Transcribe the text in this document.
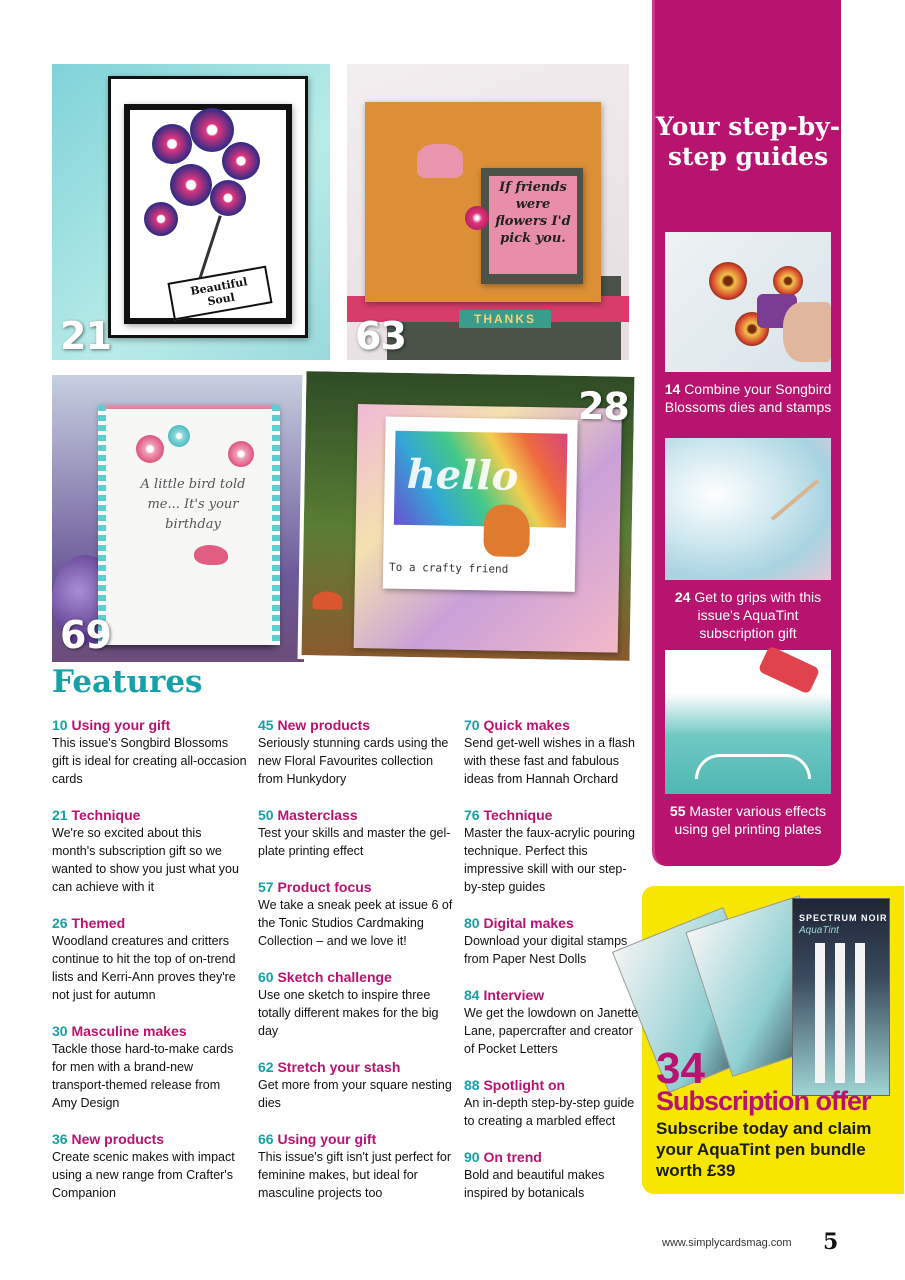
Beautiful Soul
21
If friends were flowers I'd pick you.
THANKS
63
A little bird told me... It's your birthday
69
hello
To a crafty friend
28
Your step-by-step guides
14 Combine your Songbird Blossoms dies and stamps
24 Get to grips with this issue's AquaTint subscription gift
55 Master various effects using gel printing plates
SPECTRUM NOIR
AquaTint
34
Subscription offer
Subscribe today and claim your AquaTint pen bundle worth £39
Features
10 Using your gift
This issue's Songbird Blossoms gift is ideal for creating all-occasion cards
21 Technique
We're so excited about this month's subscription gift so we wanted to show you just what you can achieve with it
26 Themed
Woodland creatures and critters continue to hit the top of on-trend lists and Kerri-Ann proves they're not just for autumn
30 Masculine makes
Tackle those hard-to-make cards for men with a brand-new transport-themed release from Amy Design
36 New products
Create scenic makes with impact using a new range from Crafter's Companion
45 New products
Seriously stunning cards using the new Floral Favourites collection from Hunkydory
50 Masterclass
Test your skills and master the gel-plate printing effect
57 Product focus
We take a sneak peek at issue 6 of the Tonic Studios Cardmaking Collection – and we love it!
60 Sketch challenge
Use one sketch to inspire three totally different makes for the big day
62 Stretch your stash
Get more from your square nesting dies
66 Using your gift
This issue's gift isn't just perfect for feminine makes, but ideal for masculine projects too
70 Quick makes
Send get-well wishes in a flash with these fast and fabulous ideas from Hannah Orchard
76 Technique
Master the faux-acrylic pouring technique. Perfect this impressive skill with our step-by-step guides
80 Digital makes
Download your digital stamps from Paper Nest Dolls
84 Interview
We get the lowdown on Janette Lane, papercrafter and creator of Pocket Letters
88 Spotlight on
An in-depth step-by-step guide to creating a marbled effect
90 On trend
Bold and beautiful makes inspired by botanicals
www.simplycardsmag.com 5
